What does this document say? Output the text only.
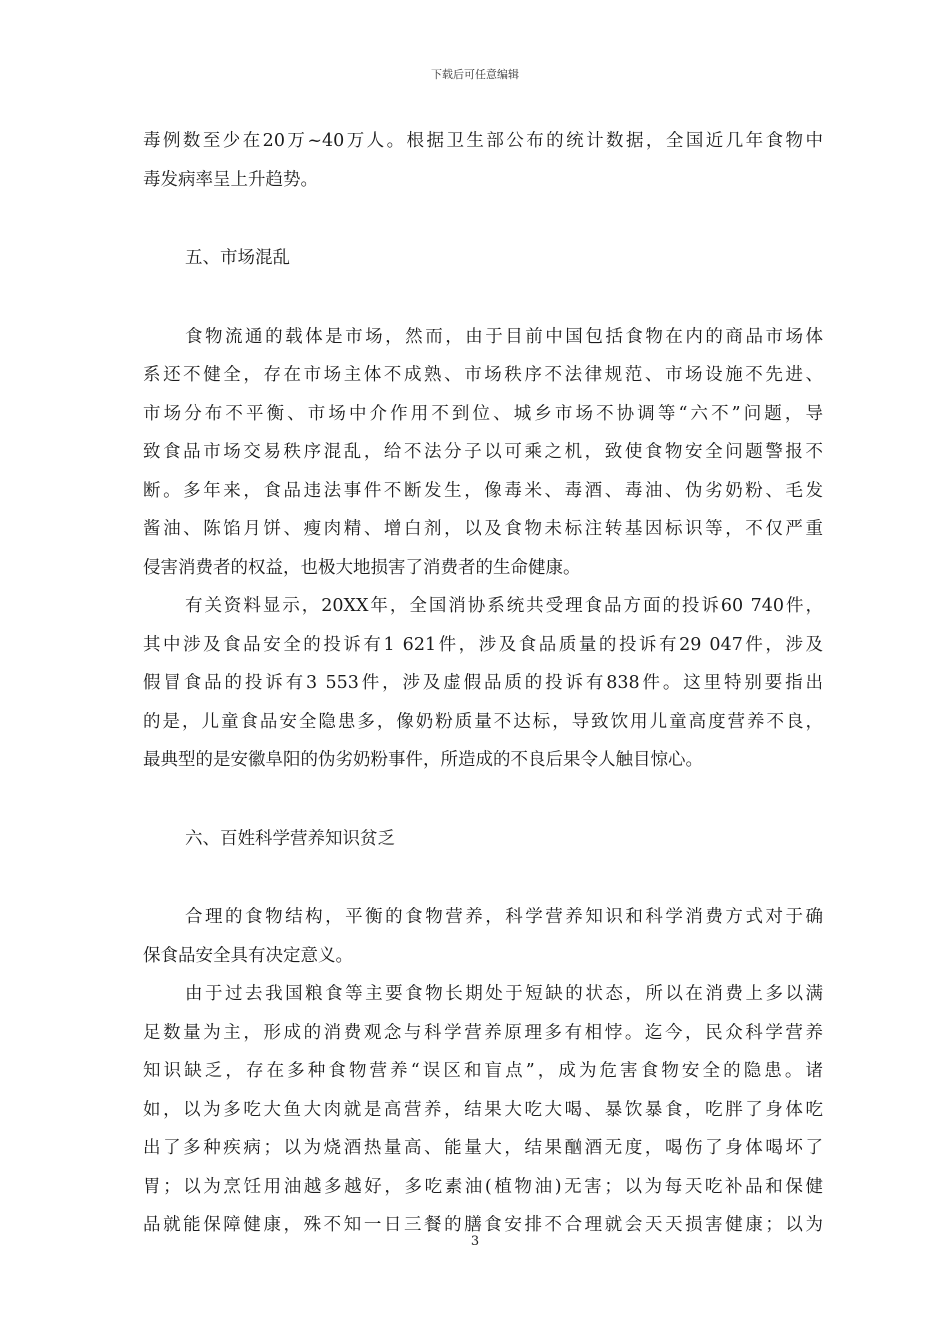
下载后可任意编辑
毒例数至少在20万~40万人。根据卫生部公布的统计数据，全国近几年食物中
毒发病率呈上升趋势。
五、市场混乱
食物流通的载体是市场，然而，由于目前中国包括食物在内的商品市场体
系还不健全，存在市场主体不成熟、市场秩序不法律规范、市场设施不先进、
市场分布不平衡、市场中介作用不到位、城乡市场不协调等“六不”问题，导
致食品市场交易秩序混乱，给不法分子以可乘之机，致使食物安全问题警报不
断。多年来，食品违法事件不断发生，像毒米、毒酒、毒油、伪劣奶粉、毛发
酱油、陈馅月饼、瘦肉精、增白剂，以及食物未标注转基因标识等，不仅严重
侵害消费者的权益，也极大地损害了消费者的生命健康。
有关资料显示，20XX年，全国消协系统共受理食品方面的投诉60 740件，
其中涉及食品安全的投诉有1 621件，涉及食品质量的投诉有29 047件，涉及
假冒食品的投诉有3 553件，涉及虚假品质的投诉有838件。这里特别要指出
的是，儿童食品安全隐患多，像奶粉质量不达标，导致饮用儿童高度营养不良，
最典型的是安徽阜阳的伪劣奶粉事件，所造成的不良后果令人触目惊心。
六、百姓科学营养知识贫乏
合理的食物结构，平衡的食物营养，科学营养知识和科学消费方式对于确
保食品安全具有决定意义。
由于过去我国粮食等主要食物长期处于短缺的状态，所以在消费上多以满
足数量为主，形成的消费观念与科学营养原理多有相悖。迄今，民众科学营养
知识缺乏，存在多种食物营养“误区和盲点”，成为危害食物安全的隐患。诸
如，以为多吃大鱼大肉就是高营养，结果大吃大喝、暴饮暴食，吃胖了身体吃
出了多种疾病；以为烧酒热量高、能量大，结果酗酒无度，喝伤了身体喝坏了
胃；以为烹饪用油越多越好，多吃素油(植物油)无害；以为每天吃补品和保健
品就能保障健康，殊不知一日三餐的膳食安排不合理就会天天损害健康；以为
3
